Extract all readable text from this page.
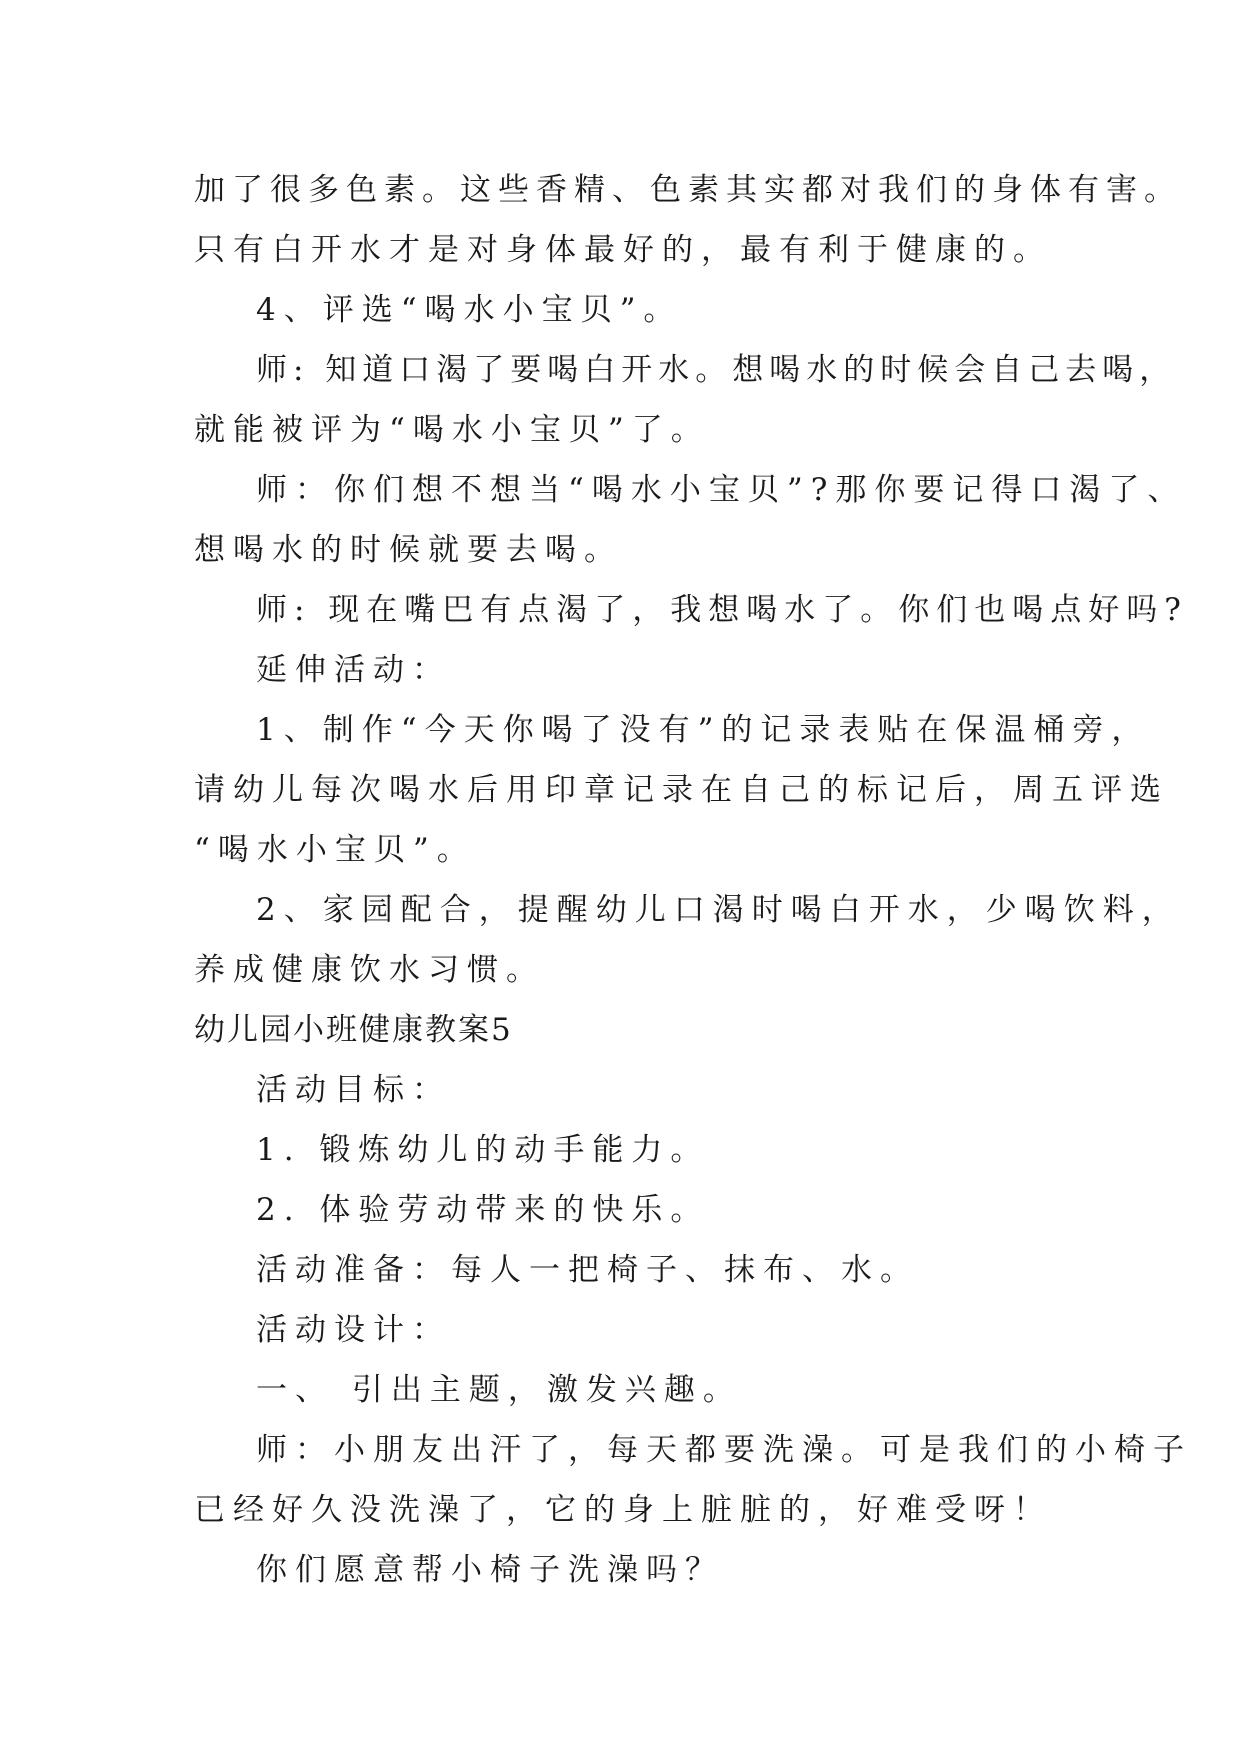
加了很多色素。这些香精、色素其实都对我们的身体有害。
只有白开水才是对身体最好的，最有利于健康的。
4、评选“喝水小宝贝”。
师: 知道口渴了要喝白开水。想喝水的时候会自己去喝，
就能被评为“喝水小宝贝”了。
师：你们想不想当“喝水小宝贝”?那你要记得口渴了、
想喝水的时候就要去喝。
师: 现在嘴巴有点渴了，我想喝水了。你们也喝点好吗?
延伸活动：
1、制作“今天你喝了没有”的记录表贴在保温桶旁，
请幼儿每次喝水后用印章记录在自己的标记后，周五评选
“喝水小宝贝”。
2、家园配合，提醒幼儿口渴时喝白开水，少喝饮料，
养成健康饮水习惯。
幼儿园小班健康教案5
活动目标：
1. 锻炼幼儿的动手能力。
2. 体验劳动带来的快乐。
活动准备：每人一把椅子、抹布、水。
活动设计：
一、 引出主题，激发兴趣。
师：小朋友出汗了，每天都要洗澡。可是我们的小椅子
已经好久没洗澡了，它的身上脏脏的，好难受呀！
你们愿意帮小椅子洗澡吗？
